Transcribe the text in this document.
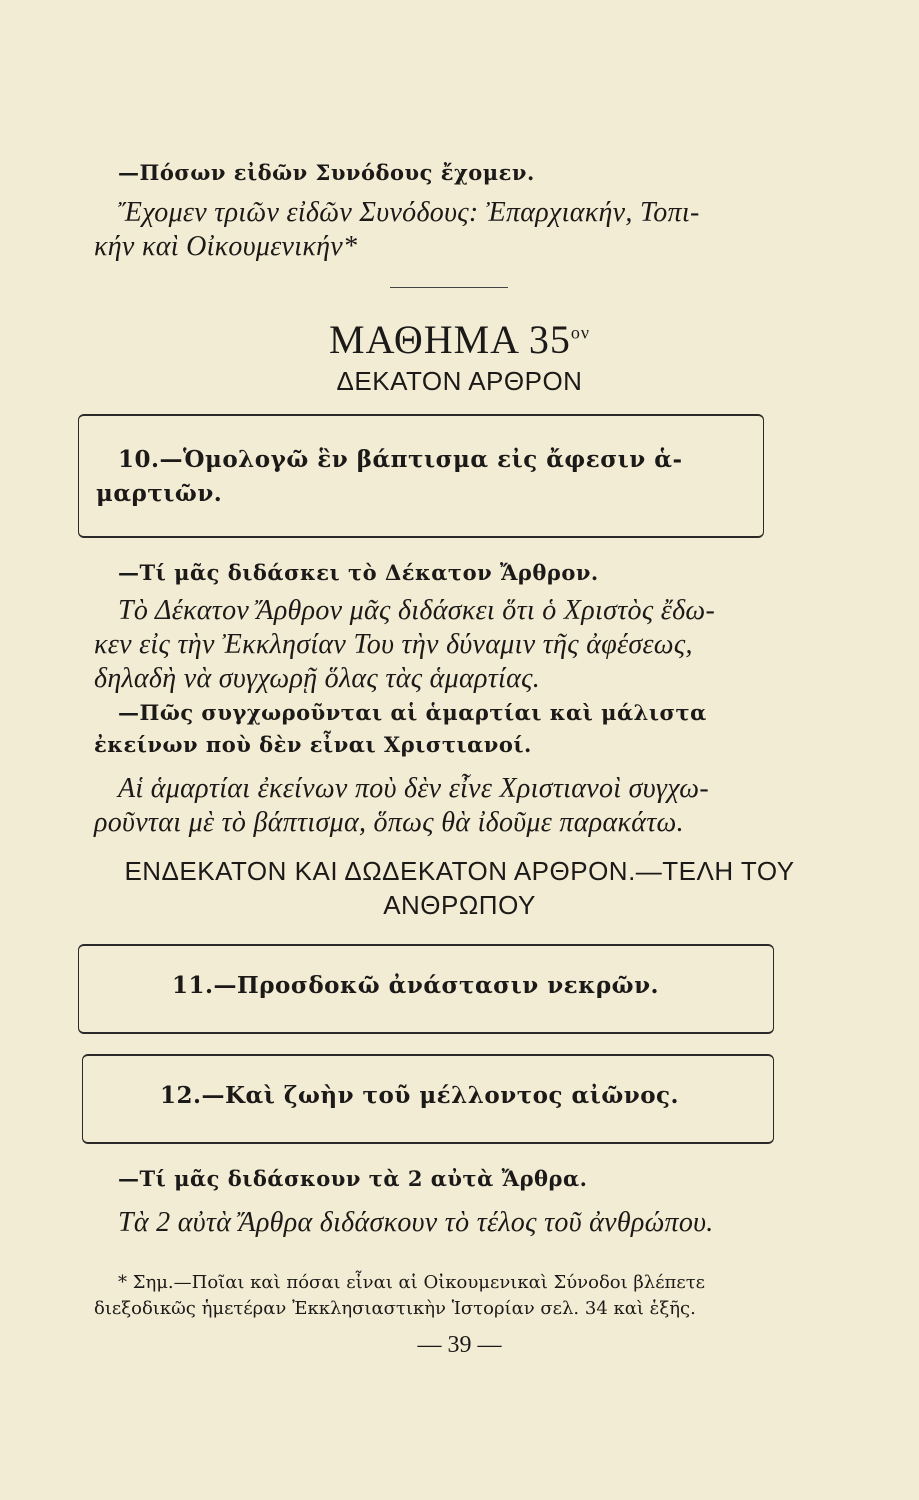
—Πόσων εἰδῶν Συνόδους ἔχομεν.
Ἔχομεν τριῶν εἰδῶν Συνόδους: Ἐπαρχιακήν, Τοπι-
κήν καὶ Οἰκουμενικήν*
ΜΑΘΗΜΑ $35^{o\nu}$
ΔΕΚΑΤΟΝ ΑΡΘΡΟΝ
10.—Ὁμολογῶ ἓν βάπτισμα εἰς ἄφεσιν ἁ-
μαρτιῶν.
—Τί μᾶς διδάσκει τὸ Δέκατον Ἄρθρον.
Τὸ Δέκατον Ἄρθρον μᾶς διδάσκει ὅτι ὁ Χριστὸς ἔδω-
κεν εἰς τὴν Ἐκκλησίαν Του τὴν δύναμιν τῆς ἀφέσεως,
δηλαδὴ νὰ συγχωρῇ ὅλας τὰς ἁμαρτίας.
—Πῶς συγχωροῦνται αἱ ἁμαρτίαι καὶ μάλιστα
ἐκείνων ποὺ δὲν εἶναι Χριστιανοί.
Αἱ ἁμαρτίαι ἐκείνων ποὺ δὲν εἶνε Χριστιανοὶ συγχω-
ροῦνται μὲ τὸ βάπτισμα, ὅπως θὰ ἰδοῦμε παρακάτω.
ΕΝΔΕΚΑΤΟΝ ΚΑΙ ΔΩΔΕΚΑΤΟΝ ΑΡΘΡΟΝ.—ΤΕΛΗ ΤΟΥ
ΑΝΘΡΩΠΟΥ
11.—Προσδοκῶ ἀνάστασιν νεκρῶν.
12.—Καὶ ζωὴν τοῦ μέλλοντος αἰῶνος.
—Τί μᾶς διδάσκουν τὰ 2 αὐτὰ Ἄρθρα.
Τὰ 2 αὐτὰ Ἄρθρα διδάσκουν τὸ τέλος τοῦ ἀνθρώπου.
* Σημ.—Ποῖαι καὶ πόσαι εἶναι αἱ Οἰκουμενικαὶ Σύνοδοι βλέπετε
διεξοδικῶς ἡμετέραν Ἐκκλησιαστικὴν Ἱστορίαν σελ. 34 καὶ ἑξῆς.
— 39 —
